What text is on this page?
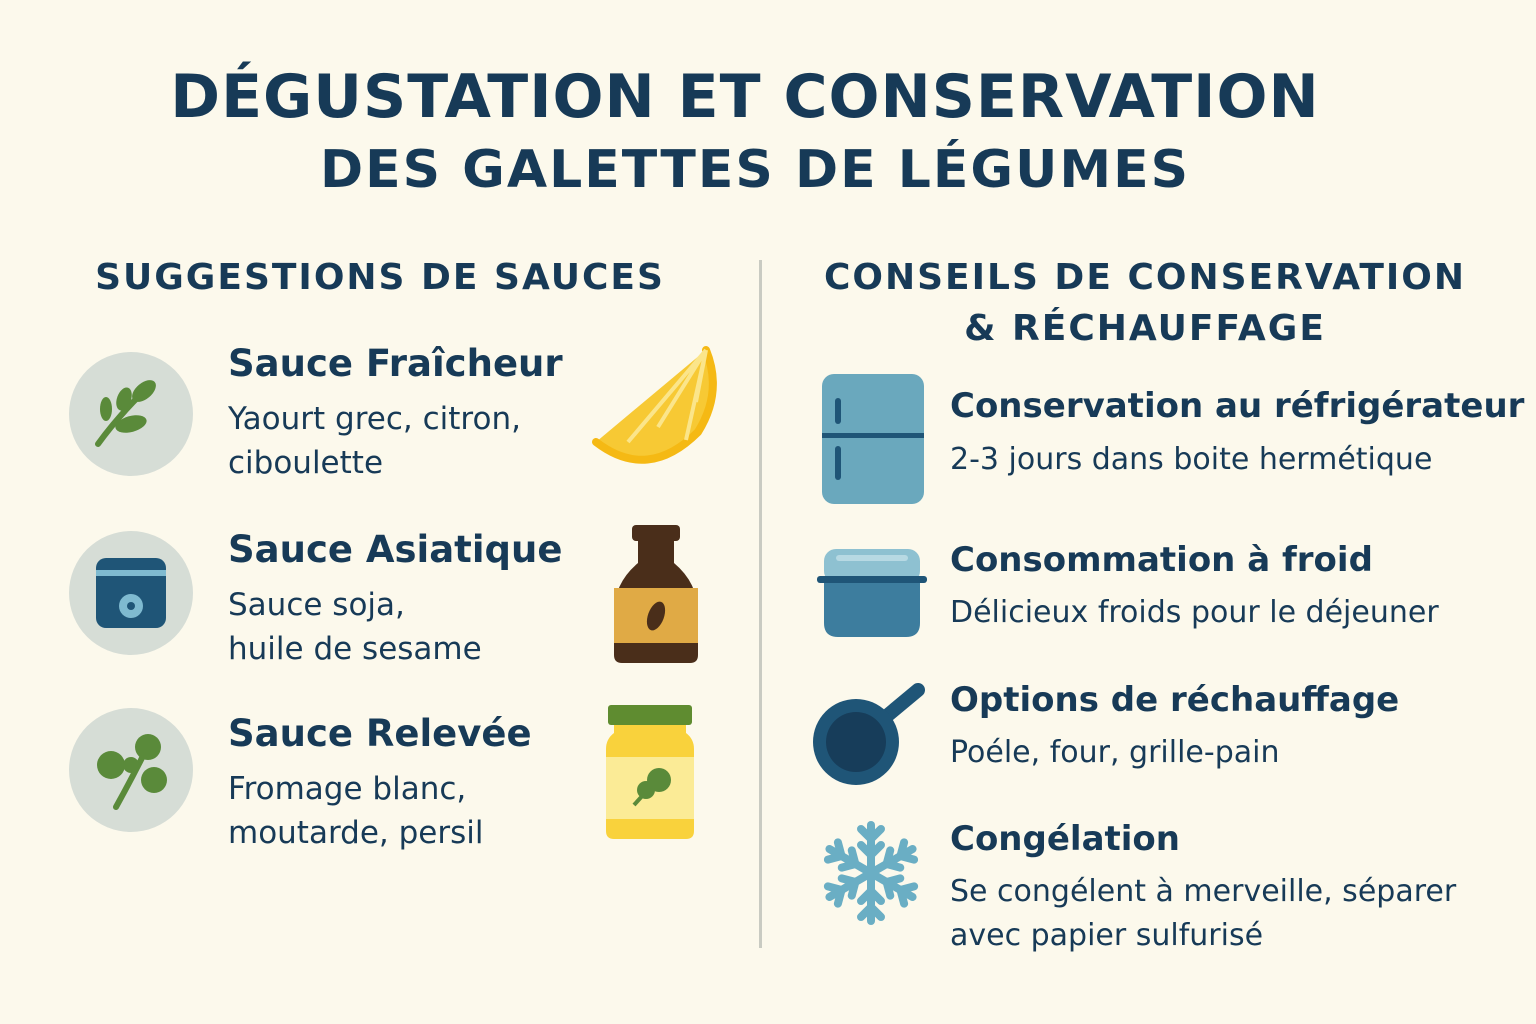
DÉGUSTATION ET CONSERVATION
DES GALETTES DE LÉGUMES
SUGGESTIONS DE SAUCES	CONSEILS DE CONSERVATION
& RÉCHAUFFAGE
Sauce Fraîcheur
Yaourt grec, citron,
ciboulette
Sauce Asiatique
Sauce soja,
huile de sesame
Sauce Relevée
Fromage blanc,
moutarde, persil
Conservation au réfrigérateur
2-3 jours dans boite hermétique
Consommation à froid
Délicieux froids pour le déjeuner
Options de réchauffage
Poéle, four, grille-pain
Congélation
Se congélent à merveille, séparer
avec papier sulfurisé
